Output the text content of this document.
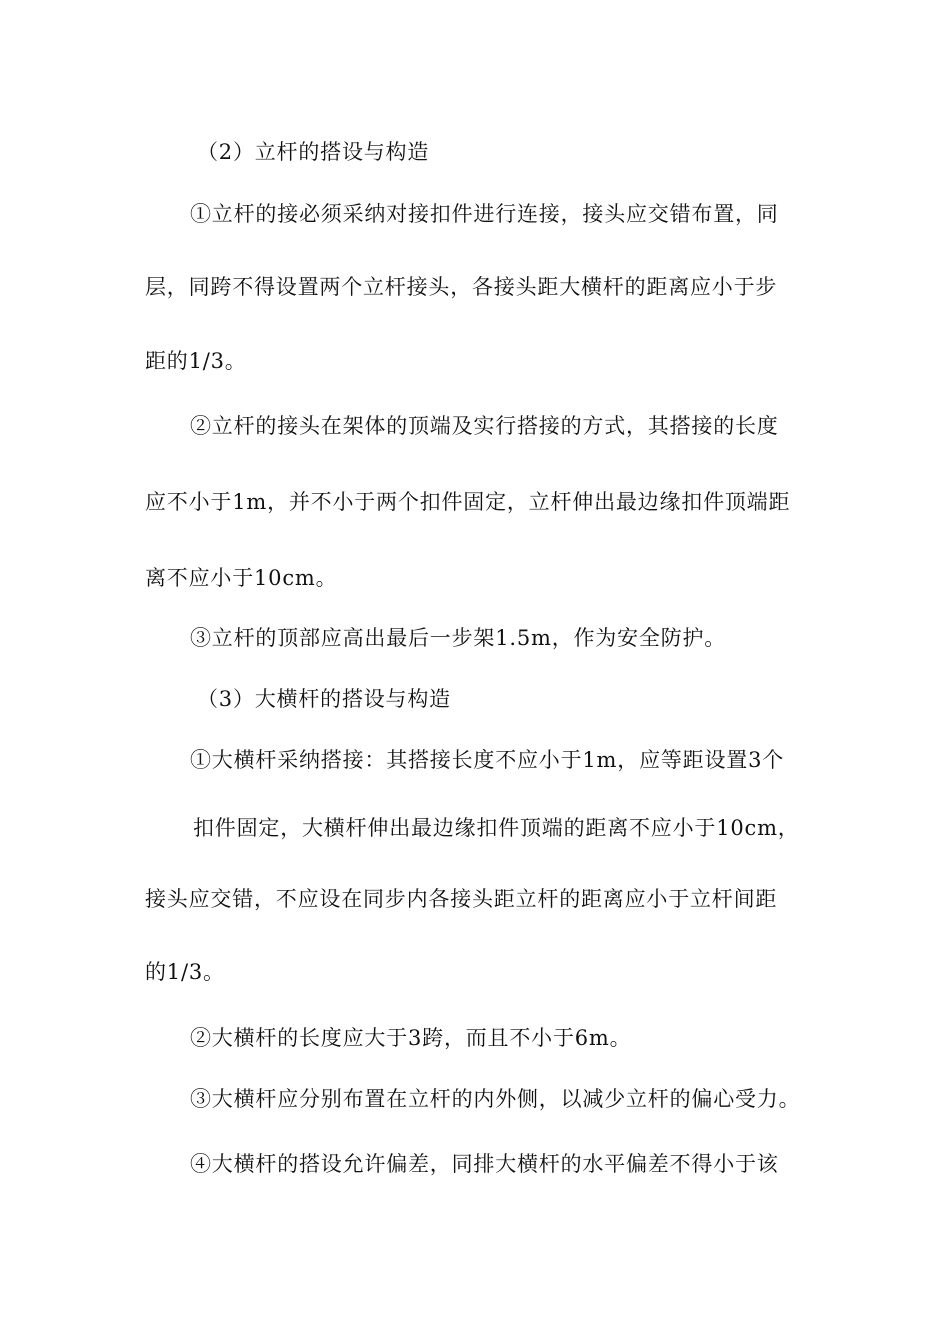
（2）立杆的搭设与构造
①立杆的接必须采纳对接扣件进行连接，接头应交错布置，同
层，同跨不得设置两个立杆接头，各接头距大横杆的距离应小于步
距的1/3。
②立杆的接头在架体的顶端及实行搭接的方式，其搭接的长度
应不小于1m，并不小于两个扣件固定，立杆伸出最边缘扣件顶端距
离不应小于10cm。
③立杆的顶部应高出最后一步架1.5m，作为安全防护。
（3）大横杆的搭设与构造
①大横杆采纳搭接：其搭接长度不应小于1m，应等距设置3个
扣件固定，大横杆伸出最边缘扣件顶端的距离不应小于10cm，
接头应交错，不应设在同步内各接头距立杆的距离应小于立杆间距
的1/3。
②大横杆的长度应大于3跨，而且不小于6m。
③大横杆应分别布置在立杆的内外侧，以减少立杆的偏心受力。
④大横杆的搭设允许偏差，同排大横杆的水平偏差不得小于该
